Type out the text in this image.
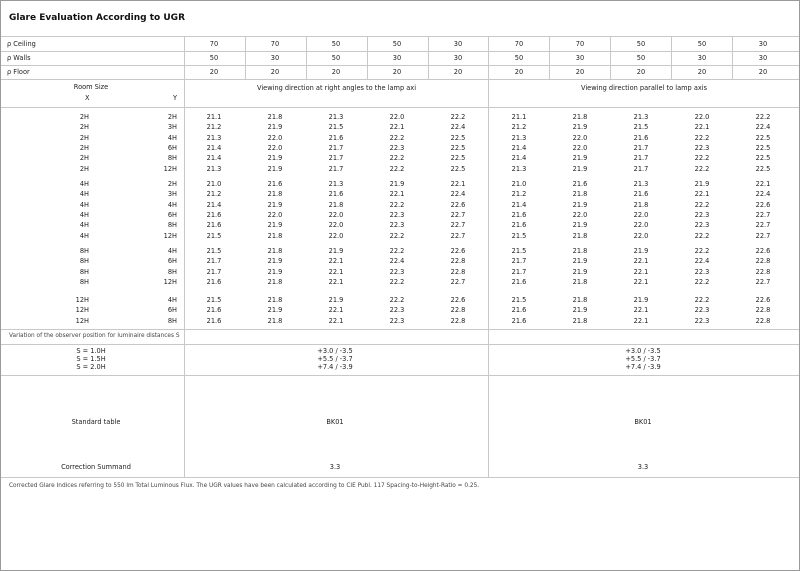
Glare Evaluation According to UGR
ρ Ceiling	70	70	50	50	30	70	70	50	50	30
ρ Walls	50	30	50	30	30	50	30	50	30	30
ρ Floor	20	20	20	20	20	20	20	20	20	20
Room Size
X	Y
Viewing direction at right angles to the lamp axi	Viewing direction parallel to lamp axis
2H	2H	21.1	21.8	21.3	22.0	22.2	21.1	21.8	21.3	22.0	22.2
2H	3H	21.2	21.9	21.5	22.1	22.4	21.2	21.9	21.5	22.1	22.4
2H	4H	21.3	22.0	21.6	22.2	22.5	21.3	22.0	21.6	22.2	22.5
2H	6H	21.4	22.0	21.7	22.3	22.5	21.4	22.0	21.7	22.3	22.5
2H	8H	21.4	21.9	21.7	22.2	22.5	21.4	21.9	21.7	22.2	22.5
2H	12H	21.3	21.9	21.7	22.2	22.5	21.3	21.9	21.7	22.2	22.5
4H	2H	21.0	21.6	21.3	21.9	22.1	21.0	21.6	21.3	21.9	22.1
4H	3H	21.2	21.8	21.6	22.1	22.4	21.2	21.8	21.6	22.1	22.4
4H	4H	21.4	21.9	21.8	22.2	22.6	21.4	21.9	21.8	22.2	22.6
4H	6H	21.6	22.0	22.0	22.3	22.7	21.6	22.0	22.0	22.3	22.7
4H	8H	21.6	21.9	22.0	22.3	22.7	21.6	21.9	22.0	22.3	22.7
4H	12H	21.5	21.8	22.0	22.2	22.7	21.5	21.8	22.0	22.2	22.7
8H	4H	21.5	21.8	21.9	22.2	22.6	21.5	21.8	21.9	22.2	22.6
8H	6H	21.7	21.9	22.1	22.4	22.8	21.7	21.9	22.1	22.4	22.8
8H	8H	21.7	21.9	22.1	22.3	22.8	21.7	21.9	22.1	22.3	22.8
8H	12H	21.6	21.8	22.1	22.2	22.7	21.6	21.8	22.1	22.2	22.7
12H	4H	21.5	21.8	21.9	22.2	22.6	21.5	21.8	21.9	22.2	22.6
12H	6H	21.6	21.9	22.1	22.3	22.8	21.6	21.9	22.1	22.3	22.8
12H	8H	21.6	21.8	22.1	22.3	22.8	21.6	21.8	22.1	22.3	22.8
Variation of the observer position for luminaire distances S
S = 1.0H	+3.0 / -3.5	+3.0 / -3.5
S = 1.5H	+5.5 / -3.7	+5.5 / -3.7
S = 2.0H	+7.4 / -3.9	+7.4 / -3.9
Standard table	BK01	BK01
Correction Summand	3.3	3.3
Corrected Glare Indices referring to 550 lm Total Luminous Flux. The UGR values have been calculated according to CIE Publ. 117 Spacing-to-Height-Ratio = 0.25.
